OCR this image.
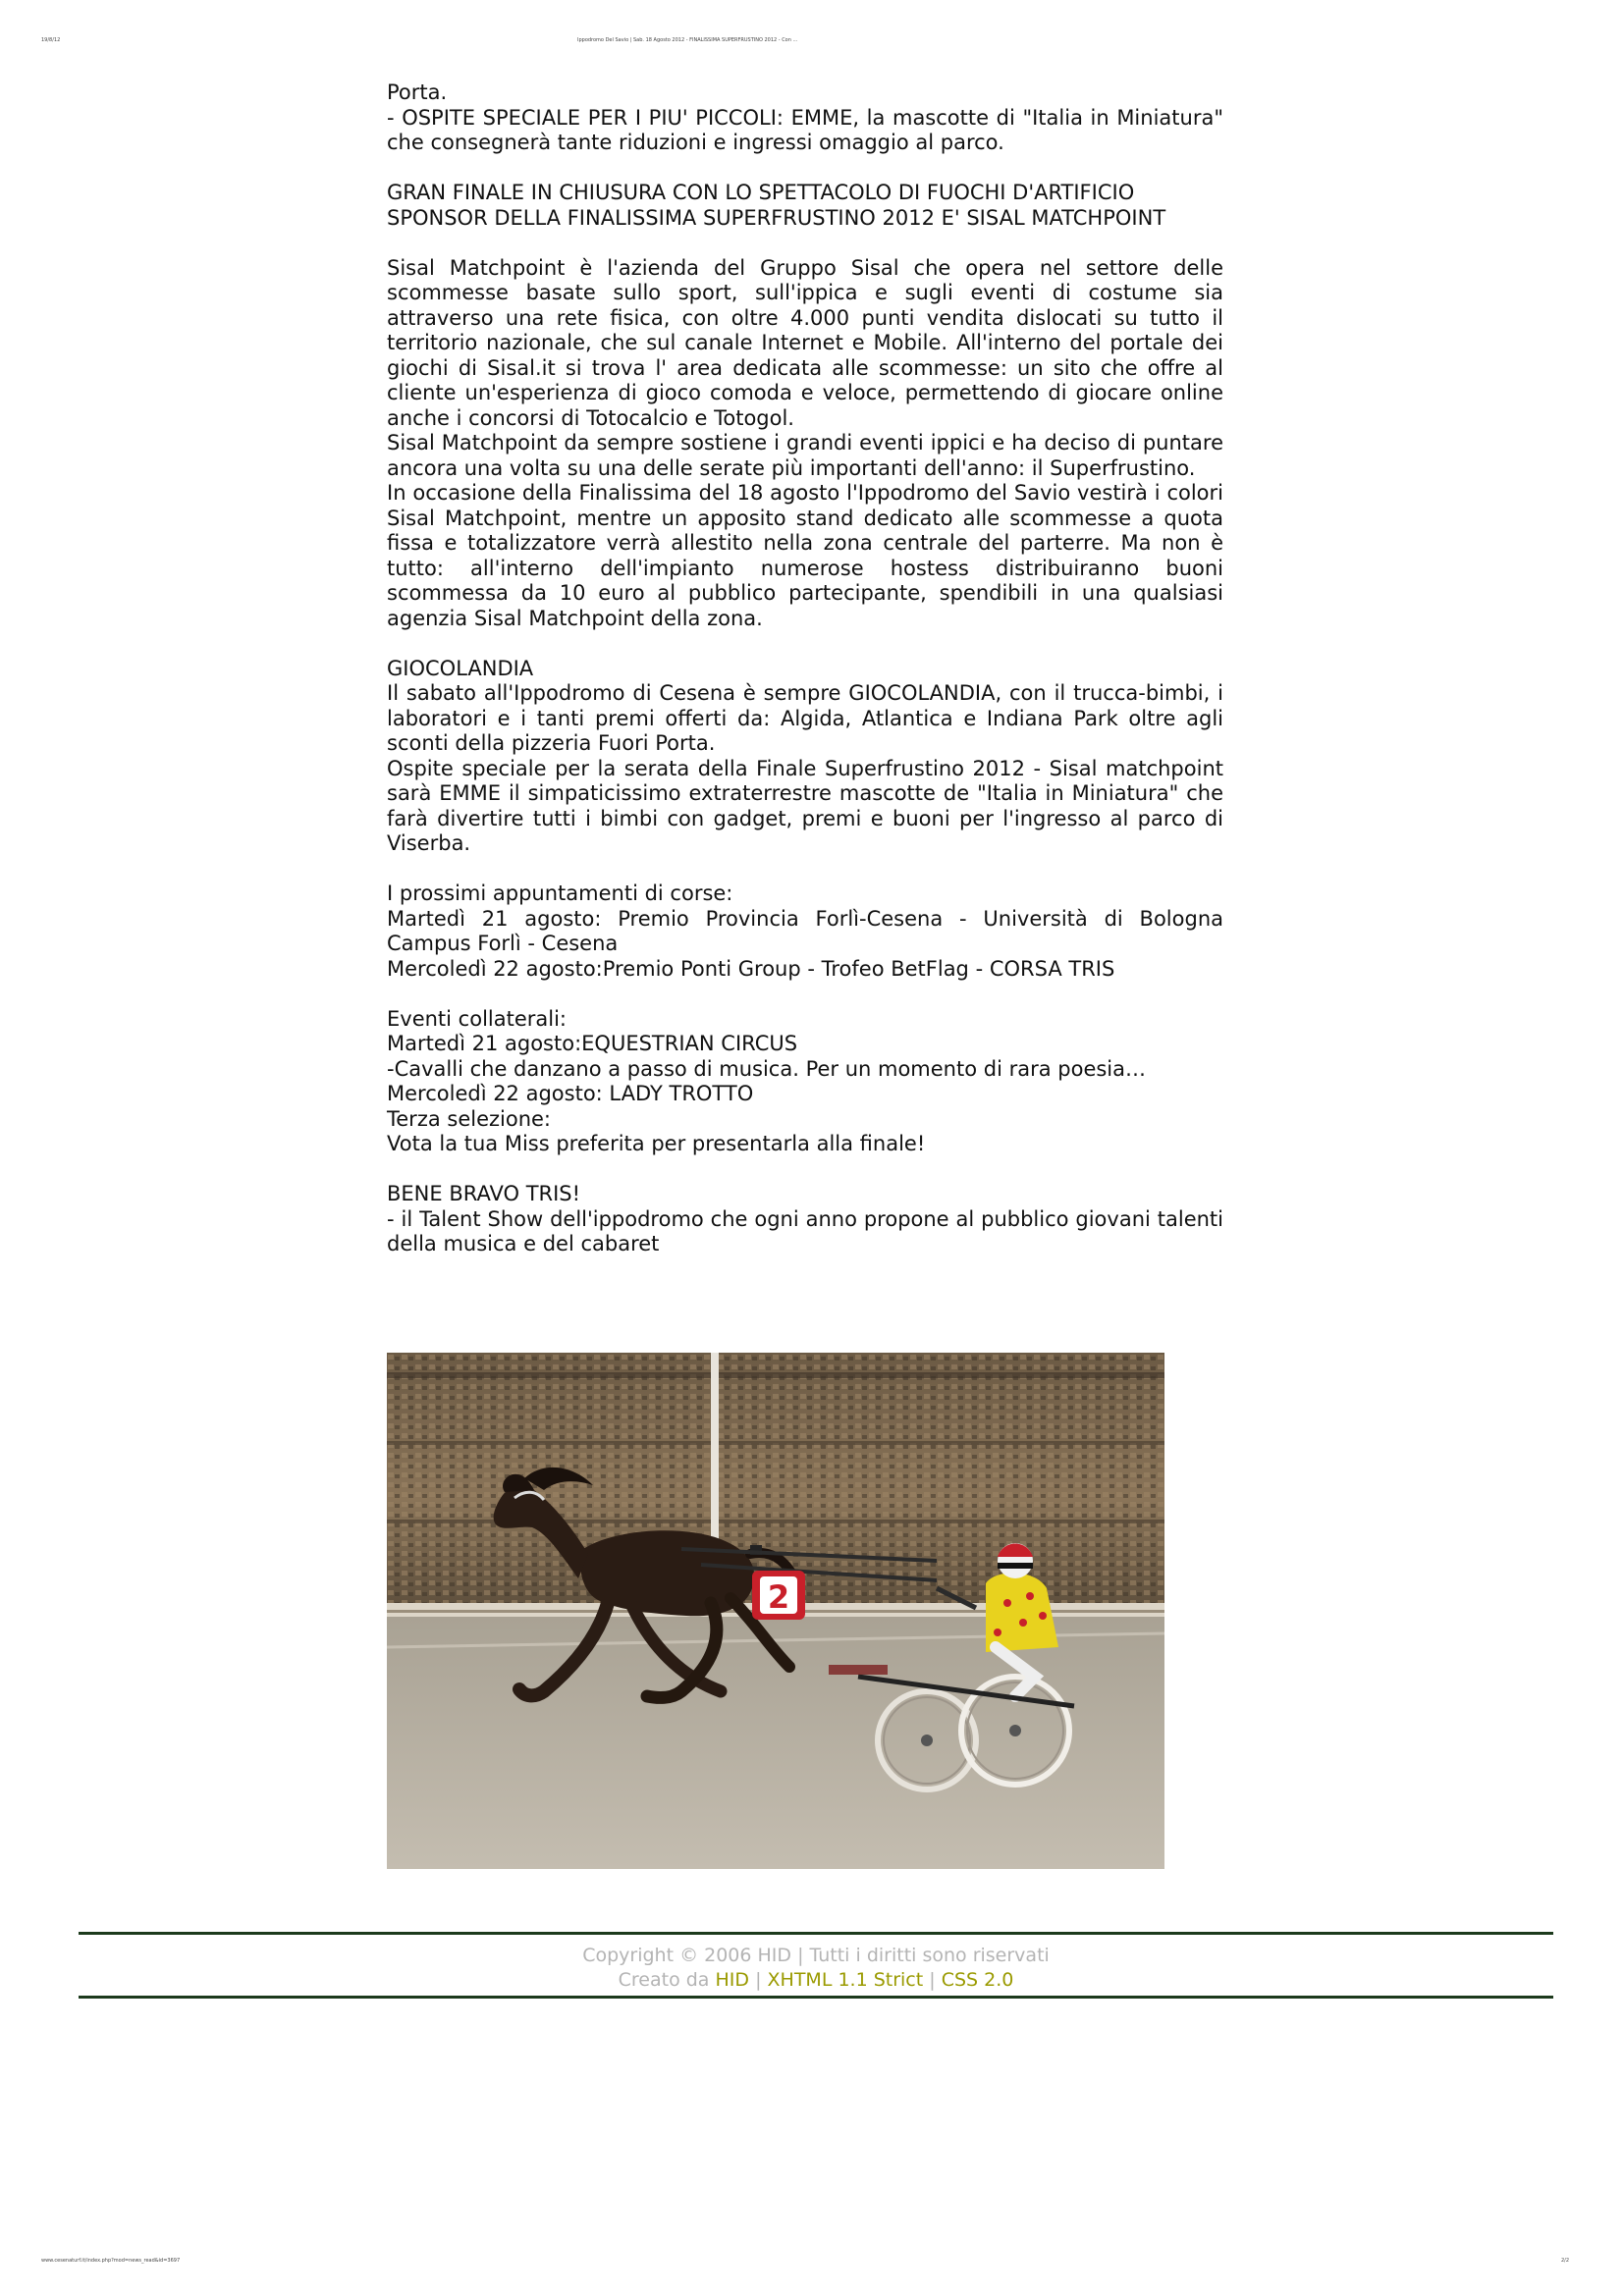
19/8/12	Ippodromo Del Savio | Sab. 18 Agosto 2012 - FINALISSIMA SUPERFRUSTINO 2012 - Con ...

Porta.

- OSPITE SPECIALE PER I PIU' PICCOLI: EMME, la mascotte di "Italia in Miniatura" che consegnerà tante riduzioni e ingressi omaggio al parco.

GRAN FINALE IN CHIUSURA CON LO SPETTACOLO DI FUOCHI D'ARTIFICIO

SPONSOR DELLA FINALISSIMA SUPERFRUSTINO 2012 E' SISAL MATCHPOINT

Sisal Matchpoint è l'azienda del Gruppo Sisal che opera nel settore delle scommesse basate sullo sport, sull'ippica e sugli eventi di costume sia attraverso una rete fisica, con oltre 4.000 punti vendita dislocati su tutto il territorio nazionale, che sul canale Internet e Mobile. All'interno del portale dei giochi di Sisal.it si trova l' area dedicata alle scommesse: un sito che offre al cliente un'esperienza di gioco comoda e veloce, permettendo di giocare online anche i concorsi di Totocalcio e Totogol.

Sisal Matchpoint da sempre sostiene i grandi eventi ippici e ha deciso di puntare ancora una volta su una delle serate più importanti dell'anno: il Superfrustino.

In occasione della Finalissima del 18 agosto l'Ippodromo del Savio vestirà i colori Sisal Matchpoint, mentre un apposito stand dedicato alle scommesse a quota fissa e totalizzatore verrà allestito nella zona centrale del parterre. Ma non è tutto: all'interno dell'impianto numerose hostess distribuiranno buoni scommessa da 10 euro al pubblico partecipante, spendibili in una qualsiasi agenzia Sisal Matchpoint della zona.

GIOCOLANDIA

Il sabato all'Ippodromo di Cesena è sempre GIOCOLANDIA, con il trucca-bimbi, i laboratori e i tanti premi offerti da: Algida, Atlantica e Indiana Park oltre agli sconti della pizzeria Fuori Porta.

Ospite speciale per la serata della Finale Superfrustino 2012 - Sisal matchpoint sarà EMME il simpaticissimo extraterrestre mascotte de "Italia in Miniatura" che farà divertire tutti i bimbi con gadget, premi e buoni per l'ingresso al parco di Viserba.

I prossimi appuntamenti di corse:

Martedì 21 agosto: Premio Provincia Forlì-Cesena - Università di Bologna Campus Forlì - Cesena

Mercoledì 22 agosto:Premio Ponti Group - Trofeo BetFlag - CORSA TRIS

Eventi collaterali:

Martedì 21 agosto:EQUESTRIAN CIRCUS

-Cavalli che danzano a passo di musica. Per un momento di rara poesia…

Mercoledì 22 agosto: LADY TROTTO

Terza selezione:

Vota la tua Miss preferita per presentarla alla finale!

BENE BRAVO TRIS!

- il Talent Show dell'ippodromo che ogni anno propone al pubblico giovani talenti della musica e del cabaret

2
Copyright © 2006 HID | Tutti i diritti sono riservati
Creato da HID | XHTML 1.1 Strict | CSS 2.0
www.cesenaturf.it/index.php?mod=news_read&id=3697	2/2
